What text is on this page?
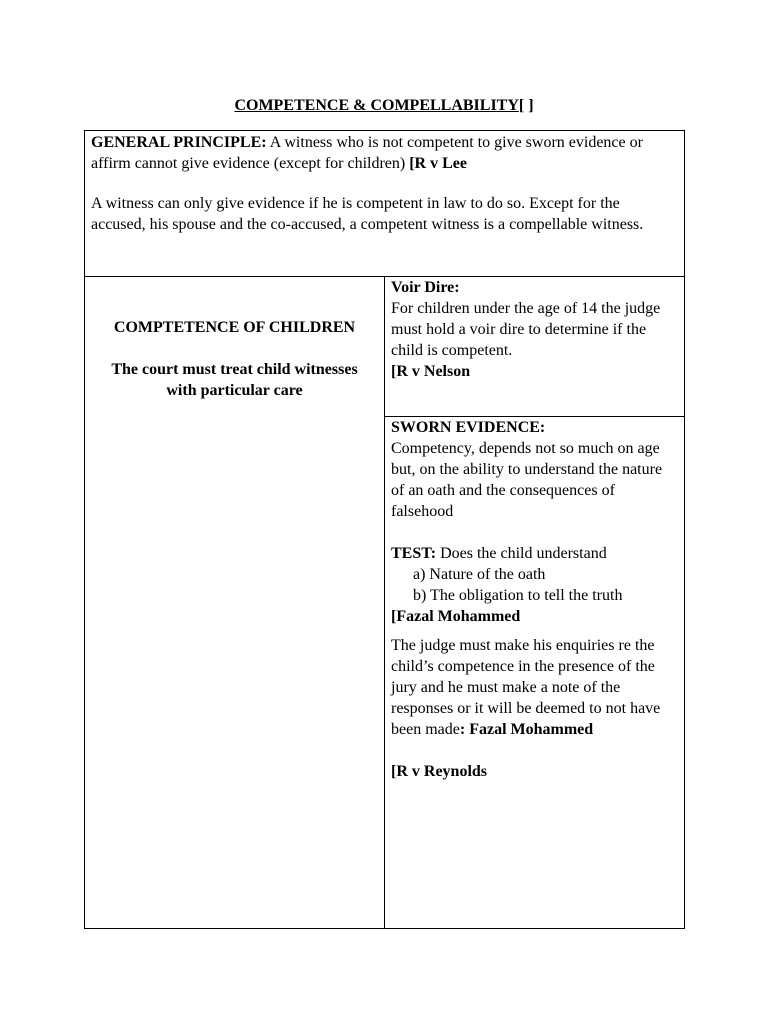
COMPETENCE & COMPELLABILITY[ ]

GENERAL PRINCIPLE: A witness who is not competent to give sworn evidence or affirm cannot give evidence (except for children) [R v Lee

A witness can only give evidence if he is competent in law to do so. Except for the accused, his spouse and the co-accused, a competent witness is a compellable witness.

COMPTETENCE OF CHILDREN

The court must treat child witnesses with particular care

Voir Dire:

For children under the age of 14 the judge must hold a voir dire to determine if the child is competent.

[R v Nelson

SWORN EVIDENCE:

Competency, depends not so much on age but, on the ability to understand the nature of an oath and the consequences of falsehood

TEST: Does the child understand

a) Nature of the oath
b) The obligation to tell the truth

[Fazal Mohammed

The judge must make his enquiries re the child’s competence in the presence of the jury and he must make a note of the responses or it will be deemed to not have been made: Fazal Mohammed

[R v Reynolds
